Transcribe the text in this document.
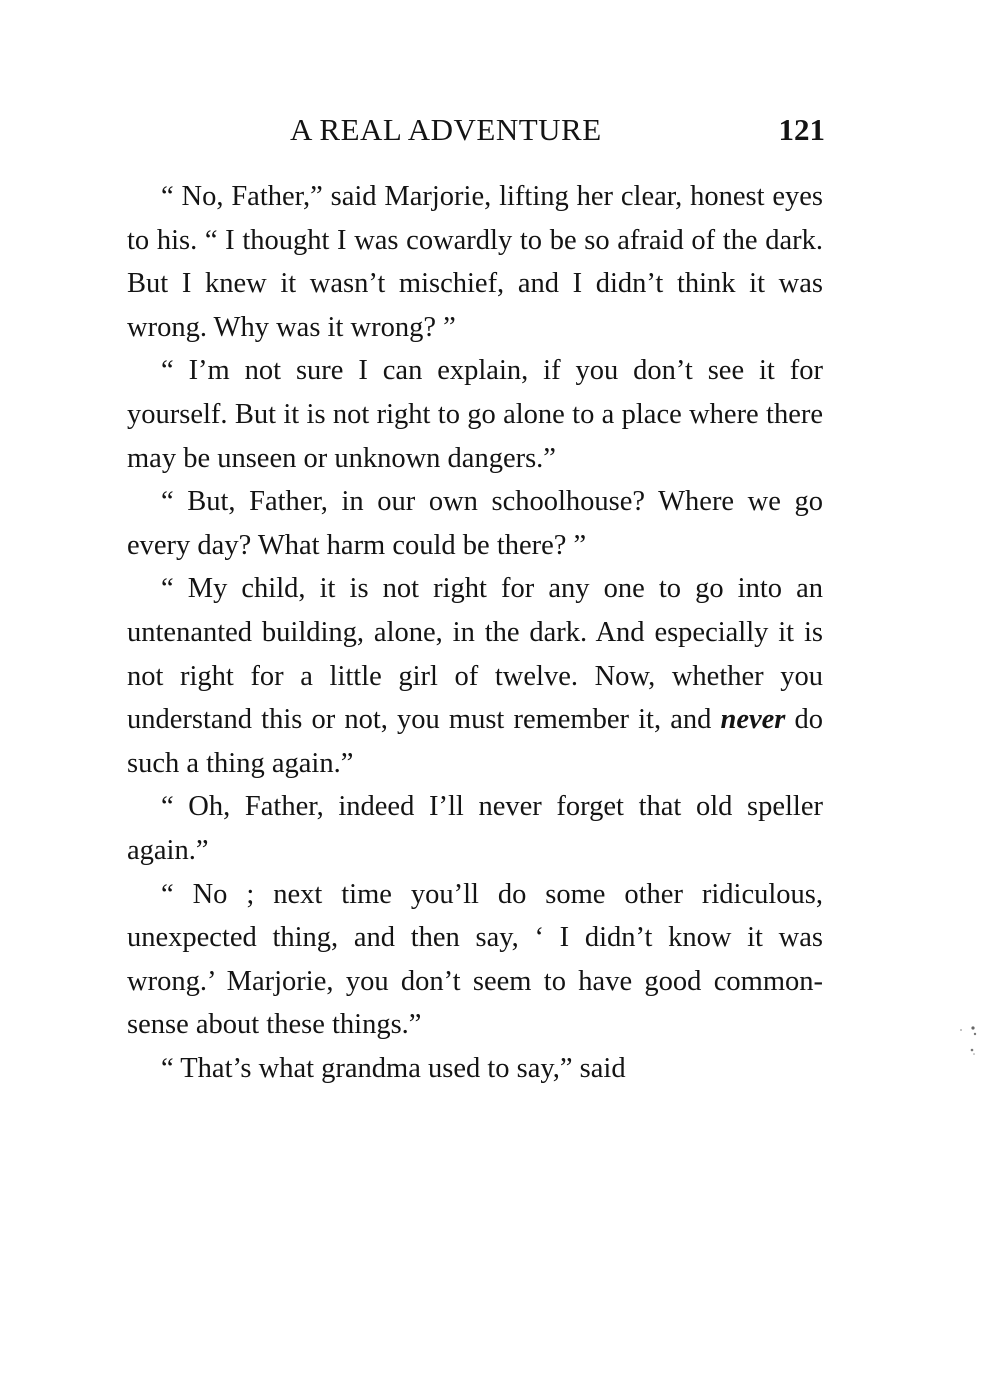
A REAL ADVENTURE	121

“ No, Father,” said Marjorie, lifting her clear, honest eyes to his. “ I thought I was cowardly to be so afraid of the dark. But I knew it wasn’t mischief, and I didn’t think it was wrong. Why was it wrong? ”

“ I’m not sure I can explain, if you don’t see it for yourself. But it is not right to go alone to a place where there may be unseen or unknown dangers.”

“ But, Father, in our own schoolhouse? Where we go every day? What harm could be there? ”

“ My child, it is not right for any one to go into an untenanted building, alone, in the dark. And especially it is not right for a little girl of twelve. Now, whether you understand this or not, you must remember it, and never do such a thing again.”

“ Oh, Father, indeed I’ll never forget that old speller again.”

“ No ; next time you’ll do some other ridiculous, unexpected thing, and then say, ‘ I didn’t know it was wrong.’ Marjorie, you don’t seem to have good common-sense about these things.”

“ That’s what grandma used to say,” said
